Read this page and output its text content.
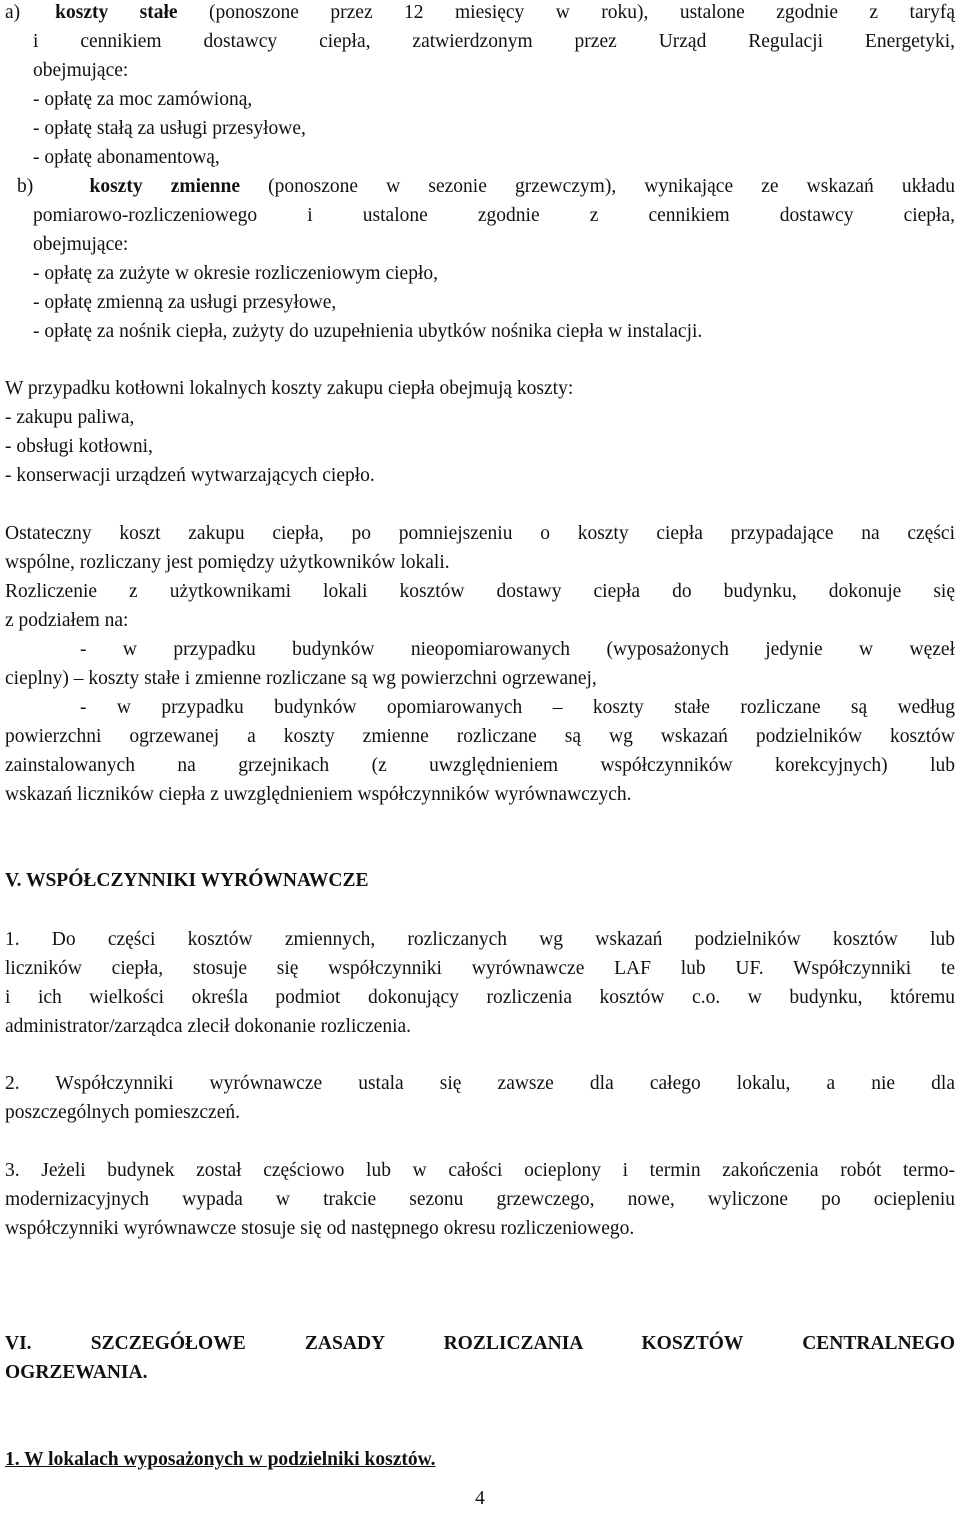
a) koszty stałe (ponoszone przez 12 miesięcy w roku), ustalone zgodnie z taryfą
i cennikiem dostawcy ciepła, zatwierdzonym przez Urząd Regulacji Energetyki,
obejmujące:
- opłatę za moc zamówioną,
- opłatę stałą za usługi przesyłowe,
- opłatę abonamentową,
b)	koszty zmienne (ponoszone w sezonie grzewczym), wynikające ze wskazań układu
pomiarowo-rozliczeniowego i ustalone zgodnie z cennikiem dostawcy ciepła,
obejmujące:
- opłatę za zużyte w okresie rozliczeniowym ciepło,
- opłatę zmienną za usługi przesyłowe,
- opłatę za nośnik ciepła, zużyty do uzupełnienia ubytków nośnika ciepła w instalacji.
W przypadku kotłowni lokalnych koszty zakupu ciepła obejmują koszty:
- zakupu paliwa,
- obsługi kotłowni,
- konserwacji urządzeń wytwarzających ciepło.
Ostateczny koszt zakupu ciepła, po pomniejszeniu o koszty ciepła przypadające na części
wspólne, rozliczany jest pomiędzy użytkowników lokali.
Rozliczenie z użytkownikami lokali kosztów dostawy ciepła do budynku, dokonuje się
z podziałem na:
- w przypadku budynków nieopomiarowanych (wyposażonych jedynie w węzeł
cieplny) – koszty stałe i zmienne rozliczane są wg powierzchni ogrzewanej,
- w przypadku budynków opomiarowanych – koszty stałe rozliczane są według
powierzchni ogrzewanej a koszty zmienne rozliczane są wg wskazań podzielników kosztów
zainstalowanych na grzejnikach (z uwzględnieniem współczynników korekcyjnych) lub
wskazań liczników ciepła z uwzględnieniem współczynników wyrównawczych.
V. WSPÓŁCZYNNIKI WYRÓWNAWCZE
1. Do części kosztów zmiennych, rozliczanych wg wskazań podzielników kosztów lub
liczników ciepła, stosuje się współczynniki wyrównawcze LAF lub UF. Współczynniki te
i ich wielkości określa podmiot dokonujący rozliczenia kosztów c.o. w budynku, któremu
administrator/zarządca zlecił dokonanie rozliczenia.
2. Współczynniki wyrównawcze ustala się zawsze dla całego lokalu, a nie dla
poszczególnych pomieszczeń.
3. Jeżeli budynek został częściowo lub w całości ocieplony i termin zakończenia robót termo-
modernizacyjnych wypada w trakcie sezonu grzewczego, nowe, wyliczone po ociepleniu
współczynniki wyrównawcze stosuje się od następnego okresu rozliczeniowego.
VI. SZCZEGÓŁOWE ZASADY ROZLICZANIA KOSZTÓW CENTRALNEGO
OGRZEWANIA.
1. W lokalach wyposażonych w podzielniki kosztów.
4
